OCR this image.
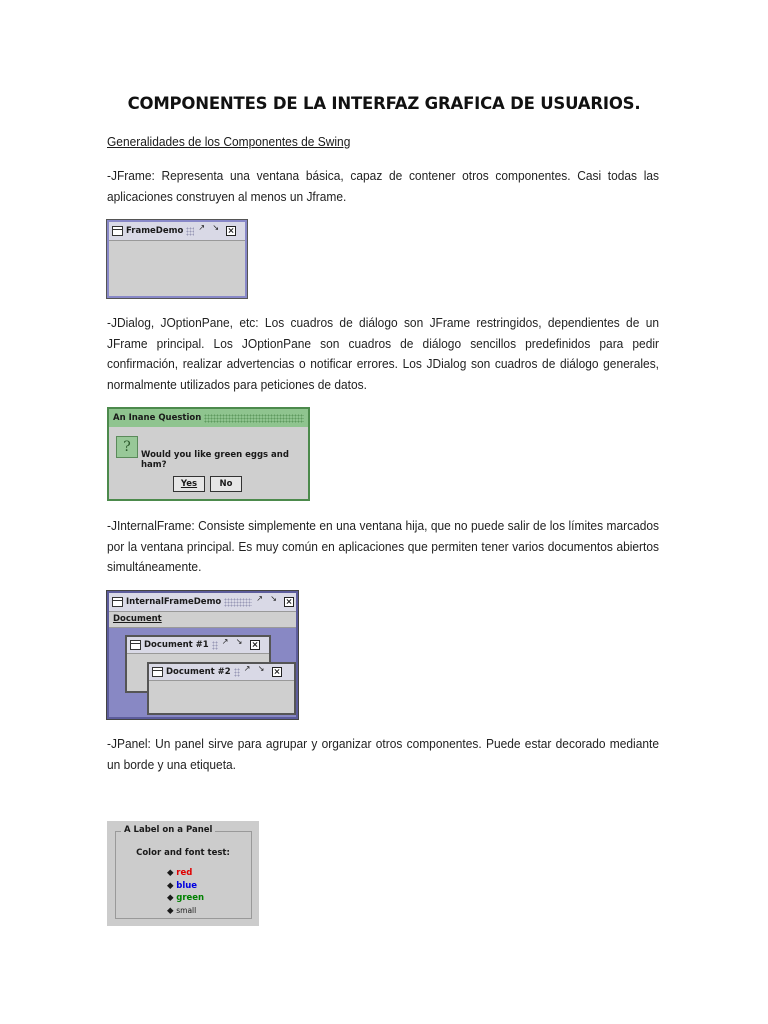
COMPONENTES DE LA INTERFAZ GRAFICA DE USUARIOS.

Generalidades de los Componentes de Swing

-JFrame: Representa una ventana básica, capaz de contener otros componentes. Casi todas las aplicaciones construyen al menos un Jframe.

FrameDemo
↗
↘

-JDialog, JOptionPane, etc: Los cuadros de diálogo son JFrame restringidos, dependientes de un JFrame principal. Los JOptionPane son cuadros de diálogo sencillos predefinidos para pedir confirmación, realizar advertencias o notificar errores. Los JDialog son cuadros de diálogo generales, normalmente utilizados para peticiones de datos.

An Inane Question
?	Would you like green eggs and ham?
Yes	No

-JInternalFrame: Consiste simplemente en una ventana hija, que no puede salir de los límites marcados por la ventana principal. Es muy común en aplicaciones que permiten tener varios documentos abiertos simultáneamente.

InternalFrameDemo
↗
↘
Document
Document #1
↗
↘
Document #2
↗
↘

-JPanel: Un panel sirve para agrupar y organizar otros componentes. Puede estar decorado mediante un borde y una etiqueta.

A Label on a Panel
Color and font test:
◆ red
◆ blue
◆ green
◆ small
